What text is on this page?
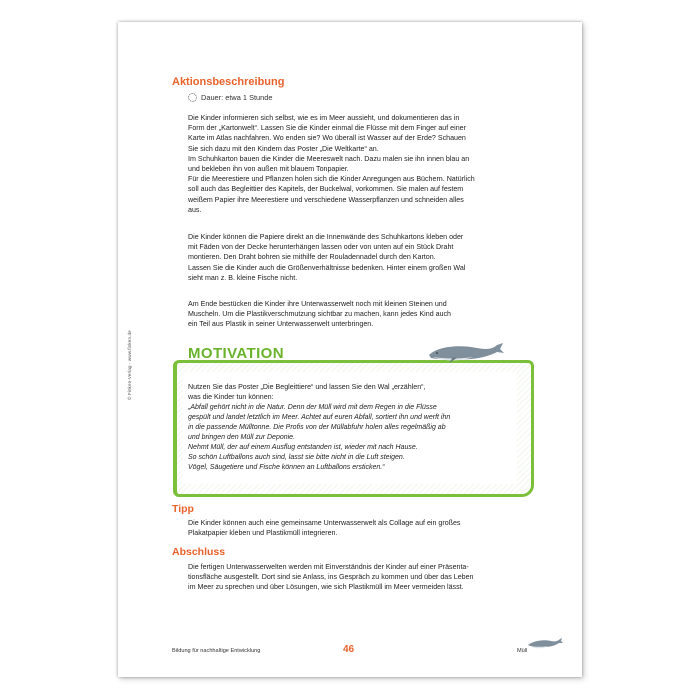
© Finken-Verlag · www.finken.de
Aktionsbeschreibung
Dauer: etwa 1 Stunde

Die Kinder informieren sich selbst, wie es im Meer aussieht, und dokumentieren das in
Form der „Kartonwelt“. Lassen Sie die Kinder einmal die Flüsse mit dem Finger auf einer
Karte im Atlas nachfahren. Wo enden sie? Wo überall ist Wasser auf der Erde? Schauen
Sie sich dazu mit den Kindern das Poster „Die Weltkarte“ an.
Im Schuhkarton bauen die Kinder die Meereswelt nach. Dazu malen sie ihn innen blau an
und bekleben ihn von außen mit blauem Tonpapier.
Für die Meerestiere und Pflanzen holen sich die Kinder Anregungen aus Büchern. Natürlich
soll auch das Begleittier des Kapitels, der Buckelwal, vorkommen. Sie malen auf festem
weißem Papier ihre Meerestiere und verschiedene Wasserpflanzen und schneiden alles
aus.

Die Kinder können die Papiere direkt an die Innenwände des Schuhkartons kleben oder
mit Fäden von der Decke herunterhängen lassen oder von unten auf ein Stück Draht
montieren. Den Draht bohren sie mithilfe der Rouladennadel durch den Karton.
Lassen Sie die Kinder auch die Größenverhältnisse bedenken. Hinter einem großen Wal
sieht man z. B. kleine Fische nicht.

Am Ende bestücken die Kinder ihre Unterwasserwelt noch mit kleinen Steinen und
Muscheln. Um die Plastikverschmutzung sichtbar zu machen, kann jedes Kind auch
ein Teil aus Plastik in seiner Unterwasserwelt unterbringen.

MOTIVATION

Nutzen Sie das Poster „Die Begleittiere“ und lassen Sie den Wal „erzählen“,
was die Kinder tun können:

„Abfall gehört nicht in die Natur. Denn der Müll wird mit dem Regen in die Flüsse
gespült und landet letztlich im Meer. Achtet auf euren Abfall, sortiert ihn und werft ihn
in die passende Mülltonne. Die Profis von der Müllabfuhr holen alles regelmäßig ab
und bringen den Müll zur Deponie.
Nehmt Müll, der auf einem Ausflug entstanden ist, wieder mit nach Hause.
So schön Luftballons auch sind, lasst sie bitte nicht in die Luft steigen.
Vögel, Säugetiere und Fische können an Luftballons ersticken.“

Tipp

Die Kinder können auch eine gemeinsame Unterwasserwelt als Collage auf ein großes
Plakatpapier kleben und Plastikmüll integrieren.

Abschluss

Die fertigen Unterwasserwelten werden mit Einverständnis der Kinder auf einer Präsenta-
tionsfläche ausgestellt. Dort sind sie Anlass, ins Gespräch zu kommen und über das Leben
im Meer zu sprechen und über Lösungen, wie sich Plastikmüll im Meer vermeiden lässt.

Bildung für nachhaltige Entwicklung	46	Müll
